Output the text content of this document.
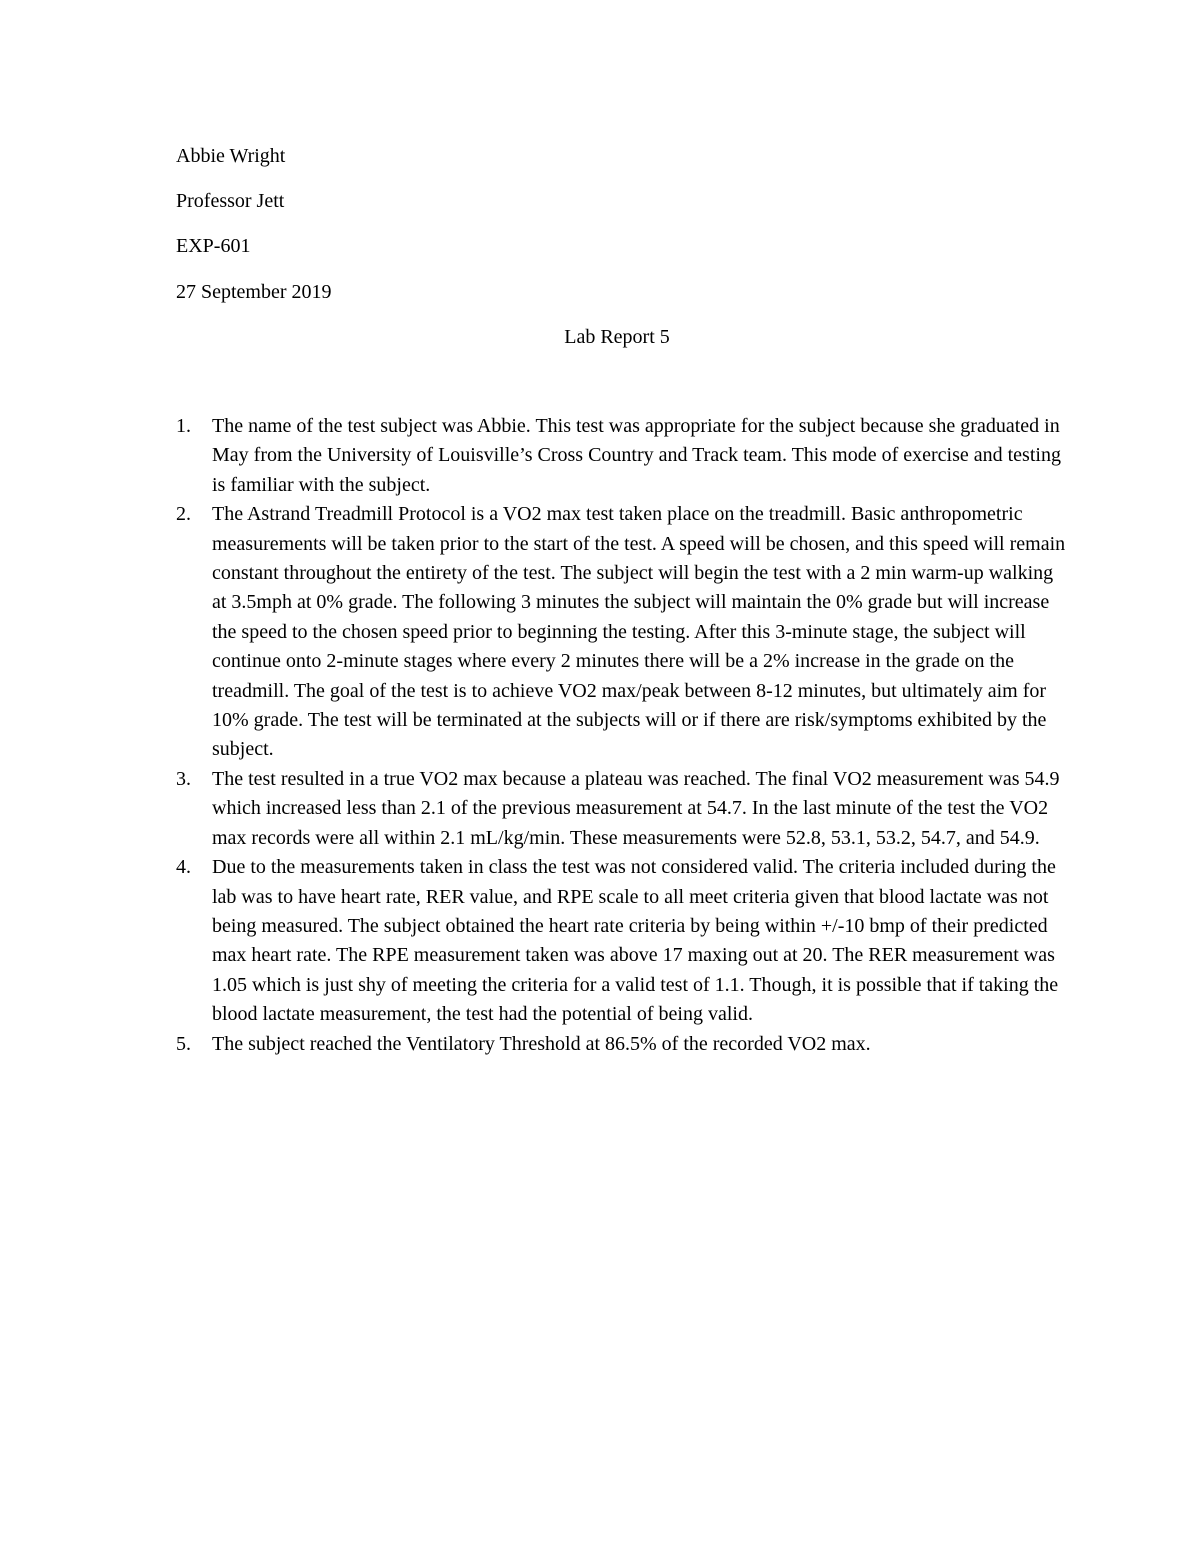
Abbie Wright
Professor Jett
EXP-601
27 September 2019
Lab Report 5
1.	The name of the test subject was Abbie. This test was appropriate for the subject because she graduated in May from the University of Louisville’s Cross Country and Track team. This mode of exercise and testing is familiar with the subject.
2.	The Astrand Treadmill Protocol is a VO2 max test taken place on the treadmill. Basic anthropometric measurements will be taken prior to the start of the test. A speed will be chosen, and this speed will remain constant throughout the entirety of the test. The subject will begin the test with a 2 min warm-up walking at 3.5mph at 0% grade. The following 3 minutes the subject will maintain the 0% grade but will increase the speed to the chosen speed prior to beginning the testing. After this 3-minute stage, the subject will continue onto 2-minute stages where every 2 minutes there will be a 2% increase in the grade on the treadmill. The goal of the test is to achieve VO2 max/peak between 8-12 minutes, but ultimately aim for 10% grade. The test will be terminated at the subjects will or if there are risk/symptoms exhibited by the subject.
3.	The test resulted in a true VO2 max because a plateau was reached. The final VO2 measurement was 54.9 which increased less than 2.1 of the previous measurement at 54.7. In the last minute of the test the VO2 max records were all within 2.1 mL/kg/min. These measurements were 52.8, 53.1, 53.2, 54.7, and 54.9.
4.	Due to the measurements taken in class the test was not considered valid. The criteria included during the lab was to have heart rate, RER value, and RPE scale to all meet criteria given that blood lactate was not being measured. The subject obtained the heart rate criteria by being within +/-10 bmp of their predicted max heart rate. The RPE measurement taken was above 17 maxing out at 20. The RER measurement was 1.05 which is just shy of meeting the criteria for a valid test of 1.1. Though, it is possible that if taking the blood lactate measurement, the test had the potential of being valid.
5.	The subject reached the Ventilatory Threshold at 86.5% of the recorded VO2 max.
